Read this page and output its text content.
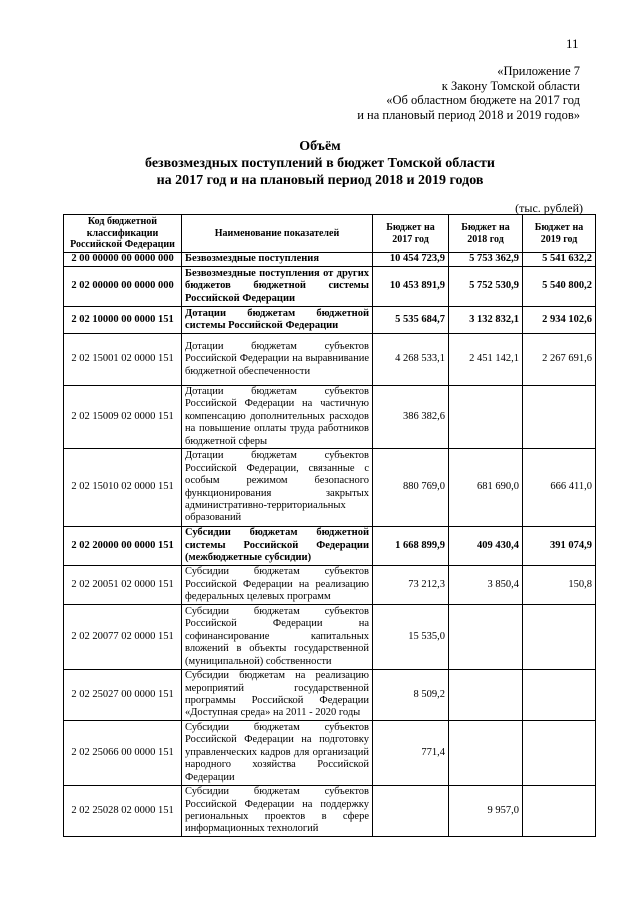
11
«Приложение 7
к Закону Томской области
«Об областном бюджете на 2017 год
и на плановый период 2018 и 2019 годов»
Объём
безвозмездных поступлений в бюджет Томской области
на 2017 год и на плановый период 2018 и 2019 годов
(тыс. рублей)
Код бюджетной классификации Российской Федерации	Наименование показателей	Бюджет на 2017 год	Бюджет на 2018 год	Бюджет на 2019 год
2 00 00000 00 0000 000	Безвозмездные поступления	10 454 723,9	5 753 362,9	5 541 632,2
2 02 00000 00 0000 000	Безвозмездные поступления от других бюджетов бюджетной системы Российской Федерации	10 453 891,9	5 752 530,9	5 540 800,2
2 02 10000 00 0000 151	Дотации бюджетам бюджетной системы Российской Федерации	5 535 684,7	3 132 832,1	2 934 102,6
2 02 15001 02 0000 151	Дотации бюджетам субъектов Российской Федерации на выравнивание бюджетной обеспеченности	4 268 533,1	2 451 142,1	2 267 691,6
2 02 15009 02 0000 151	Дотации бюджетам субъектов Российской Федерации на частичную компенсацию дополнительных расходов на повышение оплаты труда работников бюджетной сферы	386 382,6		
2 02 15010 02 0000 151	Дотации бюджетам субъектов Российской Федерации, связанные с особым режимом безопасного функционирования закрытых административно-территориальных образований	880 769,0	681 690,0	666 411,0
2 02 20000 00 0000 151	Субсидии бюджетам бюджетной системы Российской Федерации (межбюджетные субсидии)	1 668 899,9	409 430,4	391 074,9
2 02 20051 02 0000 151	Субсидии бюджетам субъектов Российской Федерации на реализацию федеральных целевых программ	73 212,3	3 850,4	150,8
2 02 20077 02 0000 151	Субсидии бюджетам субъектов Российской Федерации на софинансирование капитальных вложений в объекты государственной (муниципальной) собственности	15 535,0		
2 02 25027 00 0000 151	Субсидии бюджетам на реализацию мероприятий государственной программы Российской Федерации «Доступная среда» на 2011 - 2020 годы	8 509,2		
2 02 25066 00 0000 151	Субсидии бюджетам субъектов Российской Федерации на подготовку управленческих кадров для организаций народного хозяйства Российской Федерации	771,4		
2 02 25028 02 0000 151	Субсидии бюджетам субъектов Российской Федерации на поддержку региональных проектов в сфере информационных технологий		9 957,0	
